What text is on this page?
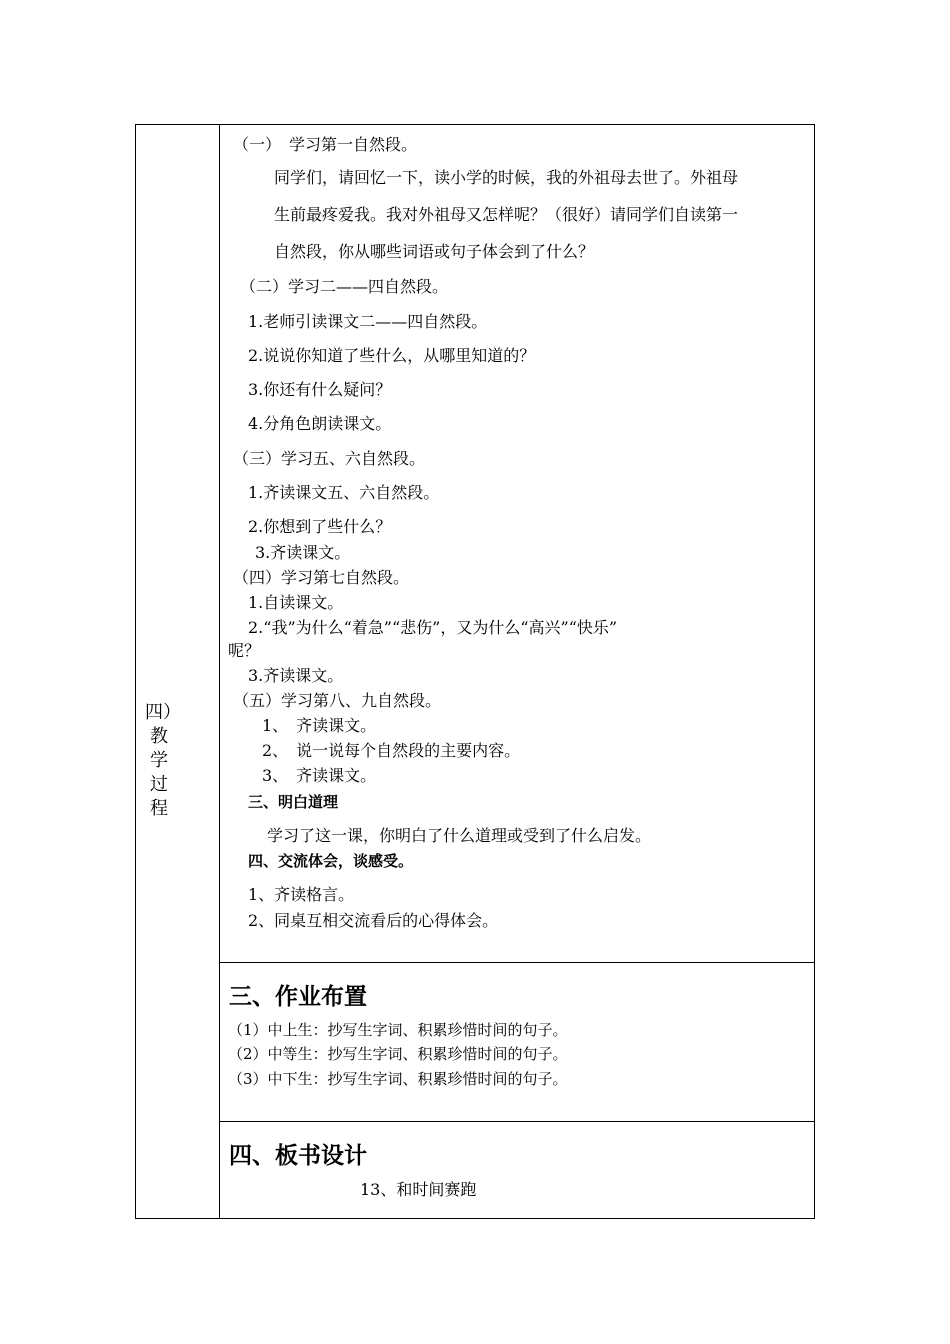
四）
教
学
过
程
（一）　学习第一自然段。
同学们，请回忆一下，读小学的时候，我的外祖母去世了。外祖母
生前最疼爱我。我对外祖母又怎样呢？（很好）请同学们自读第一
自然段，你从哪些词语或句子体会到了什么？
（二）学习二——四自然段。
1.老师引读课文二——四自然段。
2.说说你知道了些什么，从哪里知道的？
3.你还有什么疑问？
4.分角色朗读课文。
（三）学习五、六自然段。
1.齐读课文五、六自然段。
2.你想到了些什么？
3.齐读课文。
（四）学习第七自然段。
1.自读课文。
2.“我”为什么“着急”“悲伤”，又为什么“高兴”“快乐”
呢？
3.齐读课文。
（五）学习第八、九自然段。
1、　齐读课文。
2、　说一说每个自然段的主要内容。
3、　齐读课文。
三、明白道理
学习了这一课，你明白了什么道理或受到了什么启发。
四、交流体会，谈感受。
1、齐读格言。
2、同桌互相交流看后的心得体会。
三、作业布置
（1）中上生：抄写生字词、积累珍惜时间的句子。
（2）中等生：抄写生字词、积累珍惜时间的句子。
（3）中下生：抄写生字词、积累珍惜时间的句子。
四、板书设计
13、和时间赛跑
